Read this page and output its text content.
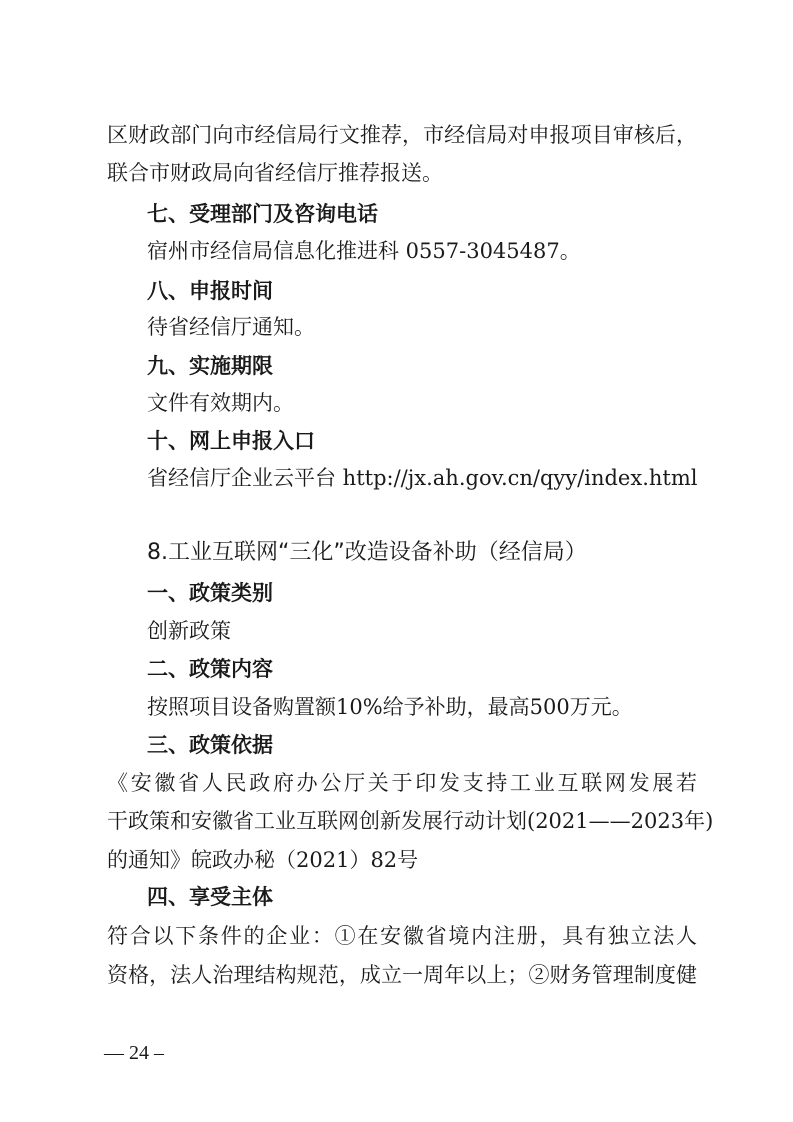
区财政部门向市经信局行文推荐，市经信局对申报项目审核后，
联合市财政局向省经信厅推荐报送。
七、受理部门及咨询电话
宿州市经信局信息化推进科 0557-3045487。
八、申报时间
待省经信厅通知。
九、实施期限
文件有效期内。
十、网上申报入口
省经信厅企业云平台 http://jx.ah.gov.cn/qyy/index.html
8.工业互联网“三化”改造设备补助（经信局）
一、政策类别
创新政策
二、政策内容
按照项目设备购置额10%给予补助，最高500万元。
三、政策依据
《安徽省人民政府办公厅关于印发支持工业互联网发展若
干政策和安徽省工业互联网创新发展行动计划(2021——2023年)
的通知》皖政办秘（2021）82号
四、享受主体
符合以下条件的企业：①在安徽省境内注册，具有独立法人
资格，法人治理结构规范，成立一周年以上；②财务管理制度健
— 24 –
